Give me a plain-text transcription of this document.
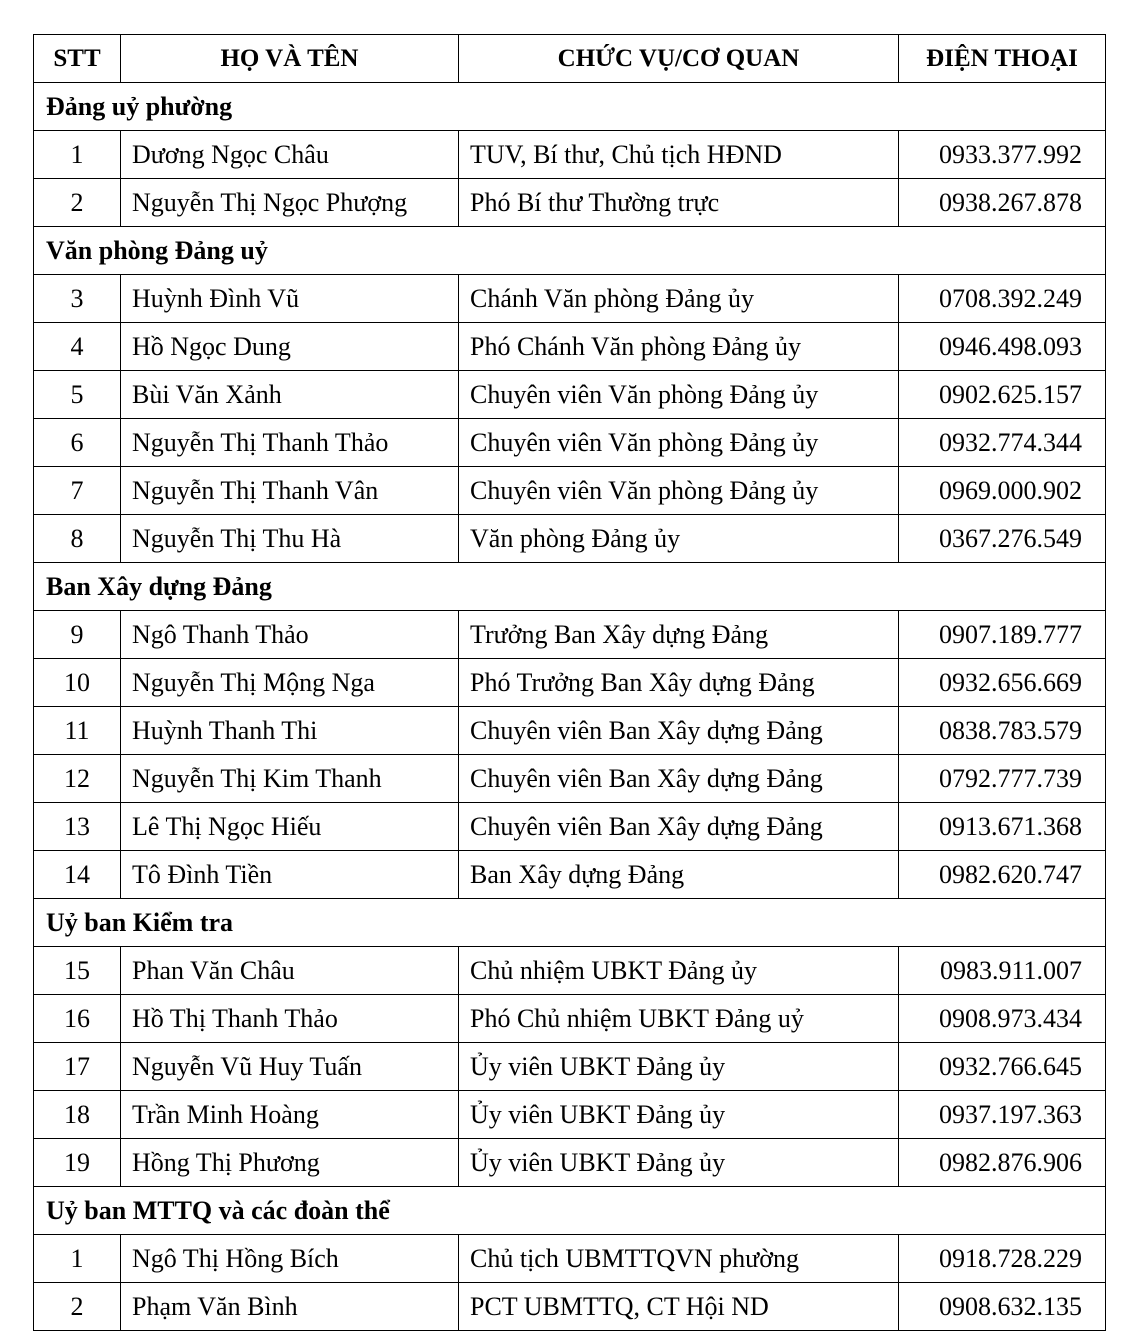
STT	HỌ VÀ TÊN	CHỨC VỤ/CƠ QUAN	ĐIỆN THOẠI
Đảng uỷ phường			
1	Dương Ngọc Châu	TUV, Bí thư, Chủ tịch HĐND	0933.377.992
2	Nguyễn Thị Ngọc Phượng	Phó Bí thư Thường trực	0938.267.878
Văn phòng Đảng uỷ			
3	Huỳnh Đình Vũ	Chánh Văn phòng Đảng ủy	0708.392.249
4	Hồ Ngọc Dung	Phó Chánh Văn phòng Đảng ủy	0946.498.093
5	Bùi Văn Xảnh	Chuyên viên Văn phòng Đảng ủy	0902.625.157
6	Nguyễn Thị Thanh Thảo	Chuyên viên Văn phòng Đảng ủy	0932.774.344
7	Nguyễn Thị Thanh Vân	Chuyên viên Văn phòng Đảng ủy	0969.000.902
8	Nguyễn Thị Thu Hà	Văn phòng Đảng ủy	0367.276.549
Ban Xây dựng Đảng			
9	Ngô Thanh Thảo	Trưởng Ban Xây dựng Đảng	0907.189.777
10	Nguyễn Thị Mộng Nga	Phó Trưởng Ban Xây dựng Đảng	0932.656.669
11	Huỳnh Thanh Thi	Chuyên viên Ban Xây dựng Đảng	0838.783.579
12	Nguyễn Thị Kim Thanh	Chuyên viên Ban Xây dựng Đảng	0792.777.739
13	Lê Thị Ngọc Hiếu	Chuyên viên Ban Xây dựng Đảng	0913.671.368
14	Tô Đình Tiền	Ban Xây dựng Đảng	0982.620.747
Uỷ ban Kiểm tra			
15	Phan Văn Châu	Chủ nhiệm UBKT Đảng ủy	0983.911.007
16	Hồ Thị Thanh Thảo	Phó Chủ nhiệm UBKT Đảng uỷ	0908.973.434
17	Nguyễn Vũ Huy Tuấn	Ủy viên UBKT Đảng ủy	0932.766.645
18	Trần Minh Hoàng	Ủy viên UBKT Đảng ủy	0937.197.363
19	Hồng Thị Phương	Ủy viên UBKT Đảng ủy	0982.876.906
Uỷ ban MTTQ và các đoàn thể			
1	Ngô Thị Hồng Bích	Chủ tịch UBMTTQVN phường	0918.728.229
2	Phạm Văn Bình	PCT UBMTTQ, CT Hội ND	0908.632.135
